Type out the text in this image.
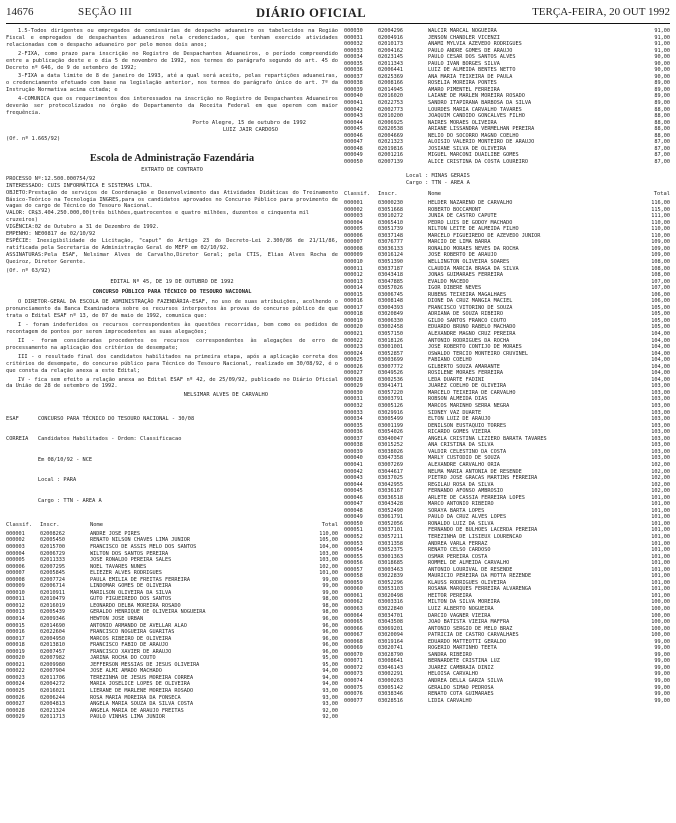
14676	SEÇÃO III	DIÁRIO OFICIAL	TERÇA-FEIRA, 20 OUT 1992

1.5-Todos dirigentes ou empregados de comissárias de despacho aduaneiro os tabelecidos na Região Fiscal e empregados de despachantes aduaneiros nela credenciados, que tenham exercido atividades relacionadas com o despacho aduaneiro por pelo menos dois anos;

2-FIXA, como prazo para inscrição no Registro de Despachantes Aduaneiros, o período compreendido entre a publicação deste e o dia 5 de novembro de 1992, nos termos do parágrafo segundo do art. 45 do Decreto nº 646, de 9 de setembro de 1992;

3-FIXA a data limite de 8 de janeiro de 1993, até a qual será aceito, pelas repartições aduaneiras, o credenciamento efetuado com base na legislação anterior, nos termos do parágrafo único do art. 7º da Instrução Normativa acima citada; e

4-COMUNICA que os requerimentos dos interessados na inscrição no Registro de Despachantes Aduaneiros deverão ser protocolizados no órgão do Departamento da Receita Federal em que operem com maior frequência.

Porto Alegre, 15 de outubro de 1992

LUIZ JAIR CARDOSO

(Of. nº 1.665/92)

Escola de Administração Fazendária

EXTRATO DE CONTRATO

PROCESSO Nº:12.500.000754/92

INTERESSADO: CUIS INFORMÁTICA E SISTEMAS LTDA.

OBJETO:Prestação de serviços de Coordenação e Desenvolvimento das Atividades Didáticas do Treinamento Básico-Teórico na Tecnologia INGRES,para os candidatos aprovados no Concurso Público para provimento de vagas do cargo de Técnico do Tesouro Nacional.

VALOR: CR$3.404.250.000,00(três bilhões,quatrocentos e quatro milhões, duzentos e cinquenta mil cruzeiros)

VIGÊNCIA:02 de Outubro a 31 de Dezembro de 1992.

EMPENHO: NE00817 de 02/10/92

ESPÉCIE: Inexigibilidade de Licitação, "caput" do Artigo 23 do Decreto-Lei 2.300/86 de 21/11/86, ratificada pela Secretaria de Administração Geral do MEFP em 02/10/92.

ASSINATURAS:Pela ESAF, Nelsimar Alves de Carvalho,Diretor Geral; pela CTIS, Elias Alves Rocha de Queiroz, Diretor Gerente.

(Of. nº 63/92)

EDITAL Nº 45, DE 19 DE OUTUBRO DE 1992

CONCURSO PÚBLICO PARA TÉCNICO DO TESOURO NACIONAL

O DIRETOR-GERAL DA ESCOLA DE ADMINISTRAÇÃO FAZENDÁRIA-ESAF, no uso de suas atribuições, acolhendo o pronunciamento da Banca Examinadora sobre os recursos interpostos às provas do concurso público de que trata o Edital ESAF nº 13, de 07 de maio de 1992, comunica que:

I - foram indeferidos os recursos correspondentes às questões recorridas, bem como os pedidos de recontagem de pontos por serem improcedentes as suas alegações;

II - foram consideradas procedentes os recursos correspondentes às alegações de erro de processamento na aplicação dos critérios de desempate;

III - o resultado final dos candidatos habilitados na primeira etapa, após a aplicação correta dos critérios de desempate, do concurso público para Técnico do Tesouro Nacional, realizado em 30/08/92, é o que consta da relação anexa a este Edital;

IV - fica sem efeito a relação anexa ao Edital ESAF nº 42, de 25/09/92, publicado no Diário Oficial da União de 28 de setembro de 1992.

NELSIMAR ALVES DE CARVALHO

ESAF      CONCURSO PARA TÉCNICO DO TESOURO NACIONAL - 30/08

CORREIA   Candidatos Habilitados - Ordem: Classificacao

Em 08/10/92 - NCE

Local : PARA

Cargo : TTN - AREA A

Classif.	Inscr.	Nome	Total
000001	02008262	ANDRE JOSE PIRES	110,00
000002	02005450	RENATO NILSON CHAVES LIMA JUNIOR	105,00
000003	02015700	FRANCISCO DE ASSIS MELO DOS SANTOS	104,00
000004	02006729	WILTON DOS SANTOS PEREIRA	103,00
000005	02011333	JOSE RONALDO PEREIRA SALES	103,00
000006	02007295	NOEL TAVARES NUNES	102,00
000007	02005845	ELIEZER ALVES RODRIGUES	101,00
000008	02007724	PAULA EMILIA DE FREITAS FERREIRA	99,00
000009	02006714	LINDOMAR GOMES DE OLIVEIRA	99,00
000010	02010911	MARILSON OLIVEIRA DA SILVA	99,00
000011	02010479	GUTO FIGUEIREDO DOS SANTOS	98,00
000012	02016019	LEONARDO DELBA MOREIRA ROSADO	98,00
000013	02005439	GERALDO HENRIQUE DE OLIVEIRA NOGUEIRA	98,00
000014	02009346	HEWTON JOSE URBAN	96,00
000015	02014690	ANTONIO ARMANDO DE AVELLAR ALAO	96,00
000016	02022604	FRANCISCO NOGUEIRA GUARITAS	96,00
000017	02004950	MARCOS RIBEIRO DE OLIVEIRA	96,00
000018	02013810	FRANCISCO FABIO DE ARAUJO	96,00
000019	02007457	FRANCISCO XAVIER DE ARAUJO	96,00
000020	02007982	JARINA ROCHA DO COUTO	95,00
000021	02009980	JEFFERSON MESSIAS DE JESUS OLIVEIRA	95,00
000022	02007904	JOSE ALMI AMADO MACHADO	94,00
000023	02011706	TEREZINHA DE JESUS MOREIRA CORREA	94,00
000024	02004272	MARIA JOSELICE LOPES DE OLIVEIRA	94,00
000025	02016021	LIERANE DE MARLENE MOREIRA ROSADO	93,00
000026	02006244	ROSA MARIA MOREIRA DA FONSECA	93,00
000027	02004813	ANGELA MARIA SOUZA DA SILVA COSTA	93,00
000028	02021324	ANGELA MARIA DE ARAUJO FREITAS	92,00
000029	02011713	PAULO VINHAS LIMA JUNIOR	92,00
000030	02004296	WALCIR MARCAL NOGUEIRA	91,00
000031	02004916	JENSON CHANDLER VICENZI	91,00
000032	02010173	ANAMI MYLVIA AZEVEDO RODRIGUES	91,00
000033	02004162	PAULO ANDRE GOMES DE ARAUJO	91,00
000034	02023145	PAULO CESAR DOS SANTOS ALVES	90,00
000035	02011343	PAULO IVAN BORGES SILVA	90,00
000036	02006441	LUIZ DE ALMEIDA BENTES NETTO	90,00
000037	02025369	ANA MARIA TEIXEIRA DE PAULA	90,00
000038	02008166	ROSELIA MOREIRA PONTES	89,00
000039	02014945	AMARO PIMENTEL FERREIRA	89,00
000040	02016020	LAIANE DE MARLEN MOREIRA ROSADO	89,00
000041	02022753	SANDRO ITAPIRANA BARBOSA DA SILVA	89,00
000042	02002773	LOURDES MARIA CARVALHO TAVARES	88,00
000043	02010200	JOAQUIM CANDIDO GONCALVES FILHO	88,00
000044	02006925	NAIRES MORAES OLIVEIRA	88,00
000045	02020538	ARIANE LISSANDRA VERMELHAN PEREIRA	88,00
000046	02004669	NELIO DO SOCORRO MAGNO COELHO	88,00
000047	02021323	ALOISIO VALERIO MONTEIRO DE ARAUJO	87,00
000048	02019816	JOSIANE SILVA DE OLIVEIRA	87,00
000049	02001216	MIGUEL MARCONI DUAILIBE GOMES	87,00
000050	02007139	ALICE CRISTINA DA COSTA LOUREIRO	87,00
Local : MINAS GERAIS
Cargo : TTN - AREA A
Classif.	Inscr.	Nome	Total
000001	03000230	HELDER NAZARENO DE CARVALHO	116,00
000002	03051668	ROBERTO BOCCAMONT	115,00
000003	03010272	JUNIA DE CASTRO CAPUTE	111,00
000004	03065410	PEDRO LUIS DE GODOY MACHADO	110,00
000005	03051739	NILTON LEITE DE ALMEIDA FILHO	110,00
000006	03037148	MARCELO FIGUEIREDO DE AZEVEDO JUNIOR	110,00
000007	03076777	MARCIO DE LIMA BARRA	109,00
000008	03036133	RONALDO MORAES NEVES DA ROCHA	109,00
000009	03016124	JOSE ROBERTO DE ARAUJO	109,00
000010	03051390	WELLINGTON OLIVEIRA SOARES	108,00
000011	03037187	CLAUDIA MARCIA BRAGA DA SILVA	108,00
000012	03043418	JONAS GUIMARAES FERREIRA	108,00
000013	03047885	EVALDO MACEDO	107,00
000014	03057026	IGOR DIBERE NEVES	107,00
000015	03006745	RUBENS TEIXEIRA MAGALHAES	106,00
000016	03008148	DIONE DA CRUZ MANGIA MACIEL	106,00
000017	03004393	FRANCISCO VITORINO DE SOUZA	105,00
000018	03020849	ADRIANA DE SOUZA RIBEIRO	105,00
000019	03006330	GILDO SANTOS FRANCO COUTO	105,00
000020	03002458	EDUARDO BRUNO RABELO MACHADO	105,00
000021	03057150	ALEXANDRE MAGNO CRUZ PEREIRA	104,00
000022	03018126	ANTONIO RODRIGUES DA ROCHA	104,00
000023	03001001	JOSE ROBERTO CONTIJO DE MORAES	104,00
000024	03052857	OSWALDO TERCIO MONTEIRO CRUVINEL	104,00
000025	03003699	FABIANO COELHO	104,00
000026	03007772	GILBERTO SOUZA AMARANTE	104,00
000027	03049526	ROSILENE MORAES FERREIRA	104,00
000028	03002536	LEDA DUARTE FADINI	104,00
000029	03041471	JUAREZ COELHO DE OLIVEIRA	103,00
000030	03057220	MARCELO TEIXEIRA DE CARVALHO	103,00
000031	03003791	ROBSON ALMEIDA DIAS	103,00
000032	03005126	MARCOS MARINHO SERRA NEGRA	103,00
000033	03029916	SIDNEY VAZ DUARTE	103,00
000034	03005499	ELTON LUIZ DE ARAUJO	103,00
000035	03001199	DENILSON EUSTAQUIO TORRES	103,00
000036	03054026	RICARDO GOMES VIEIRA	103,00
000037	03040047	ANGELA CRISTINA LIZIERO BARATA TAVARES	103,00
000038	03015252	ANA CRISTINA DA SILVA	103,00
000039	03038026	VALDIR CELESTINO DA COSTA	103,00
000040	03047358	MARLY CUSTODIO DE SOUZA	103,00
000041	03007269	ALEXANDRE CARVALHO ORIA	102,00
000042	03044617	NELMA MARIA ANTONIA DE RESENDE	102,00
000043	03037025	PIETRO JOSE GRACAS MARTINS FERREIRA	102,00
000044	03042955	REGILAU ROSA DA SILVA	102,00
000045	03036167	FERNANDO AFONSO AMBROSIO	102,00
000046	03036518	ARLETE DE CASSIA FERREIRA LOPES	101,00
000047	03043428	MARCO ANTONIO RIBEIRO	101,00
000048	03052490	SORAYA BARTA LOPES	101,00
000049	03061791	PAULO DA CRUZ ALVES LOPES	101,00
000050	03052056	RONALDO LUIZ DA SILVA	101,00
000051	03037101	FERNANDO DE BULHOES LACERDA PEREIRA	101,00
000052	03057211	TEREZINHA DE LISIEUX LOURENCAO	101,00
000053	03031358	ANDREA VARLA FERRAZ	101,00
000054	03052375	RENATO CELSO CARDOSO	101,00
000055	03001363	OSMAR PEREIRA COSTA	101,00
000056	03018685	ROMMEL DE ALMEIDA CARVALHO	101,00
000057	03003463	ANTONIO LOURIVAL DE RESENDE	101,00
000058	03022839	MAURICIO PEREIRA DA MOTTA REZENDE	101,00
000059	03052296	KLAUSS RODRIGUES OLIVEIRA	101,00
000060	03053103	ROSANA MARQUES FERREIRA ALVARENGA	101,00
000061	03020498	HEITOR PEREIRA	101,00
000062	03003316	MILTON DA SILVA MOREIRA	100,00
000063	03022840	LUIZ ALBERTO NOGUEIRA	100,00
000064	03034701	DARCIO VAGNER VIEIRA	100,00
000065	03043508	JOAO BATISTA VIEIRA MAFFRA	100,00
000066	03069201	ANTONIO SERGIO DE MELO BRAZ	100,00
000067	03020094	PATRICIA DE CASTRO CARVALHAES	100,00
000068	03019164	EDUARDO MATTEOTTI GERALDO	99,00
000069	03020741	ROGERIO MARTINHO TEETA	99,00
000070	03028790	SANDRA RIBEIRO	99,00
000071	03008641	BERNARDETE CRISTINA LUZ	99,00
000072	03046143	JUAREZ CAMBRAIA DINIZ	99,00
000073	03002291	HELOISA CARVALHO	99,00
000074	03000263	ANDREA DELLA GARZA SILVA	99,00
000075	03005142	GERALDO SIMAO PEDROSA	99,00
000076	03038346	RENATO COTA GUIMARAES	99,00
000077	03028516	LIDIA CARVALHO	99,00
